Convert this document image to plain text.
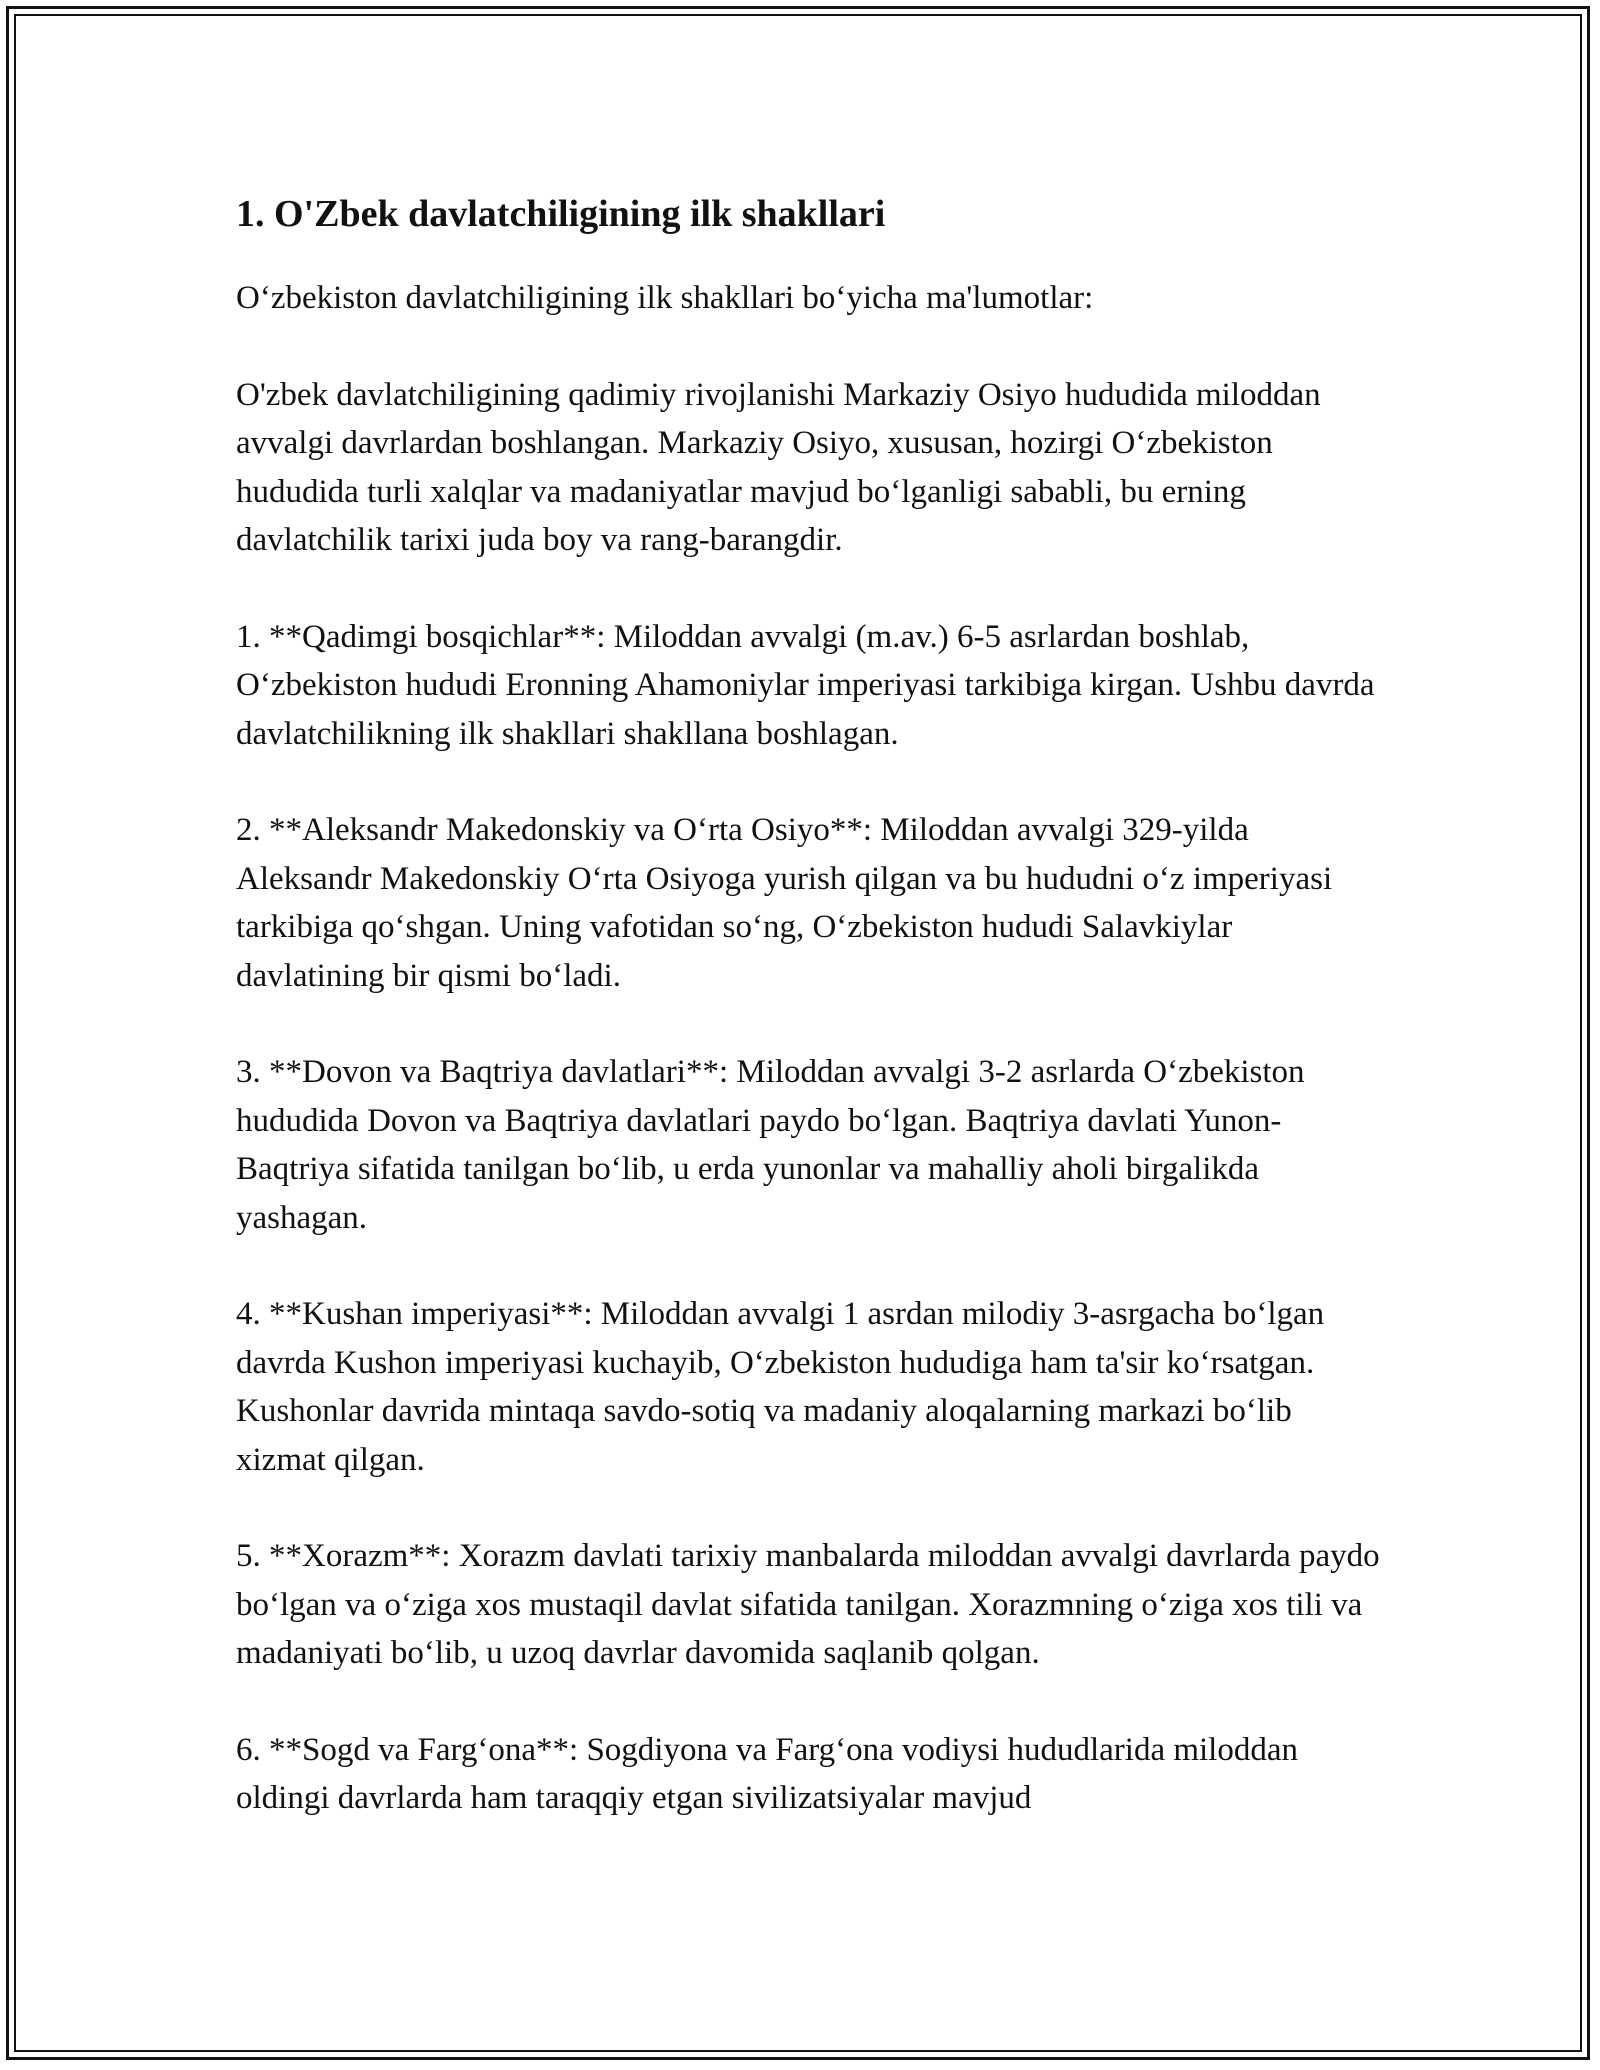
1. O'Zbek davlatchiligining ilk shakllari

O‘zbekiston davlatchiligining ilk shakllari bo‘yicha ma'lumotlar:

O'zbek davlatchiligining qadimiy rivojlanishi Markaziy Osiyo hududida miloddan avvalgi davrlardan boshlangan. Markaziy Osiyo, xususan, hozirgi O‘zbekiston hududida turli xalqlar va madaniyatlar mavjud bo‘lganligi sababli, bu erning davlatchilik tarixi juda boy va rang-barangdir.

1. **Qadimgi bosqichlar**: Miloddan avvalgi (m.av.) 6-5 asrlardan boshlab, O‘zbekiston hududi Eronning Ahamoniylar imperiyasi tarkibiga kirgan. Ushbu davrda davlatchilikning ilk shakllari shakllana boshlagan.

2. **Aleksandr Makedonskiy va O‘rta Osiyo**: Miloddan avvalgi 329-yilda Aleksandr Makedonskiy O‘rta Osiyoga yurish qilgan va bu hududni o‘z imperiyasi tarkibiga qo‘shgan. Uning vafotidan so‘ng, O‘zbekiston hududi Salavkiylar davlatining bir qismi bo‘ladi.

3. **Dovon va Baqtriya davlatlari**: Miloddan avvalgi 3-2 asrlarda O‘zbekiston hududida Dovon va Baqtriya davlatlari paydo bo‘lgan. Baqtriya davlati Yunon-Baqtriya sifatida tanilgan bo‘lib, u erda yunonlar va mahalliy aholi birgalikda yashagan.

4. **Kushan imperiyasi**: Miloddan avvalgi 1 asrdan milodiy 3-asrgacha bo‘lgan davrda Kushon imperiyasi kuchayib, O‘zbekiston hududiga ham ta'sir ko‘rsatgan. Kushonlar davrida mintaqa savdo-sotiq va madaniy aloqalarning markazi bo‘lib xizmat qilgan.

5. **Xorazm**: Xorazm davlati tarixiy manbalarda miloddan avvalgi davrlarda paydo bo‘lgan va o‘ziga xos mustaqil davlat sifatida tanilgan. Xorazmning o‘ziga xos tili va madaniyati bo‘lib, u uzoq davrlar davomida saqlanib qolgan.

6. **Sogd va Farg‘ona**: Sogdiyona va Farg‘ona vodiysi hududlarida miloddan oldingi davrlarda ham taraqqiy etgan sivilizatsiyalar mavjud
